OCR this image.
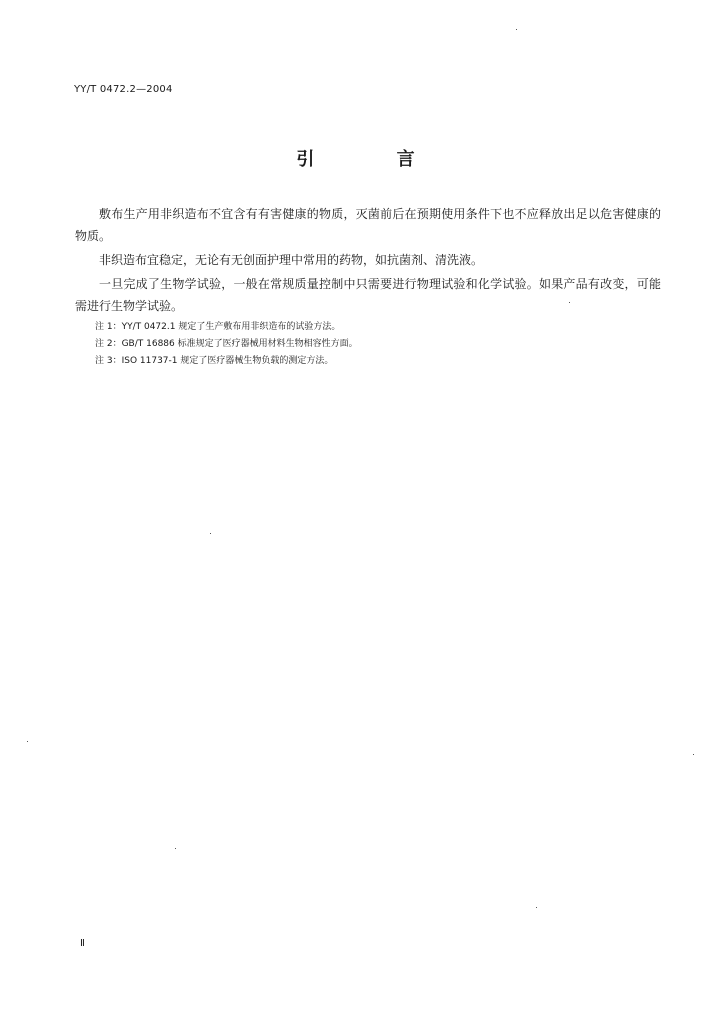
YY/T 0472.2—2004
引 言

敷布生产用非织造布不宜含有有害健康的物质，灭菌前后在预期使用条件下也不应释放出足以危害健康的物质。

非织造布宜稳定，无论有无创面护理中常用的药物，如抗菌剂、清洗液。

一旦完成了生物学试验，一般在常规质量控制中只需要进行物理试验和化学试验。如果产品有改变，可能需进行生物学试验。

注 1：YY/T 0472.1 规定了生产敷布用非织造布的试验方法。

注 2：GB/T 16886 标准规定了医疗器械用材料生物相容性方面。

注 3：ISO 11737-1 规定了医疗器械生物负载的测定方法。

Ⅱ
